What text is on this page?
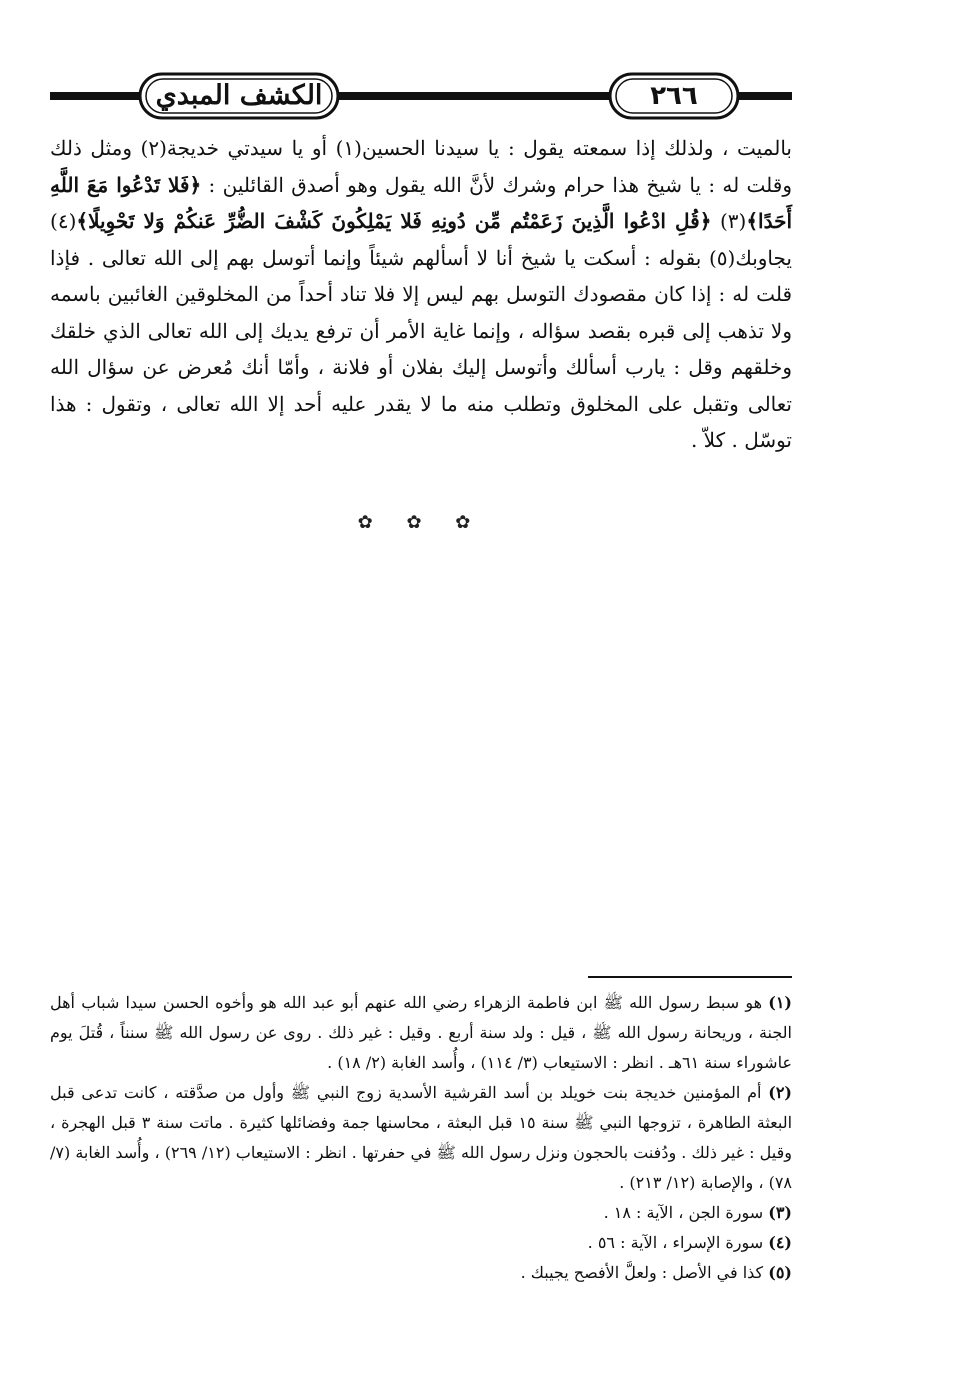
الكشف المبدي	٢٦٦

بالميت ، ولذلك إذا سمعته يقول : يا سيدنا الحسين(١) أو يا سيدتي خديجة(٢) ومثل ذلك وقلت له : يا شيخ هذا حرام وشرك لأنَّ الله يقول وهو أصدق القائلين : ﴿فَلا تَدْعُوا مَعَ اللَّهِ أَحَدًا﴾(٣) ﴿قُلِ ادْعُوا الَّذِينَ زَعَمْتُم مِّن دُونِهِ فَلا يَمْلِكُونَ كَشْفَ الضُّرِّ عَنكُمْ وَلا تَحْوِيلًا﴾(٤) يجاوبك(٥) بقوله : أسكت يا شيخ أنا لا أسألهم شيئاً وإنما أتوسل بهم إلى الله تعالى . فإذا قلت له : إذا كان مقصودك التوسل بهم ليس إلا فلا تناد أحداً من المخلوقين الغائبين باسمه ولا تذهب إلى قبره بقصد سؤاله ، وإنما غاية الأمر أن ترفع يديك إلى الله تعالى الذي خلقك وخلقهم وقل : يارب أسألك وأتوسل إليك بفلان أو فلانة ، وأمّا أنك مُعرض عن سؤال الله تعالى وتقبل على المخلوق وتطلب منه ما لا يقدر عليه أحد إلا الله تعالى ، وتقول : هذا توسّل . كلاّ .

✿ ✿ ✿

(١) هو سبط رسول الله ﷺ ابن فاطمة الزهراء رضي الله عنهم أبو عبد الله هو وأخوه الحسن سيدا شباب أهل الجنة ، وريحانة رسول الله ﷺ ، قيل : ولد سنة أربع . وقيل : غير ذلك . روى عن رسول الله ﷺ سنناً ، قُتلَ يوم عاشوراء سنة ٦١هـ . انظر : الاستيعاب (٣/ ١١٤) ، وأُسد الغابة (٢/ ١٨) .

(٢) أم المؤمنين خديجة بنت خويلد بن أسد القرشية الأسدية زوج النبي ﷺ وأول من صدَّقته ، كانت تدعى قبل البعثة الطاهرة ، تزوجها النبي ﷺ سنة ١٥ قبل البعثة ، محاسنها جمة وفضائلها كثيرة . ماتت سنة ٣ قبل الهجرة ، وقيل : غير ذلك . ودُفنت بالحجون ونزل رسول الله ﷺ في حفرتها . انظر : الاستيعاب (١٢/ ٢٦٩) ، وأُسد الغابة (٧/ ٧٨) ، والإصابة (١٢/ ٢١٣) .

(٣) سورة الجن ، الآية : ١٨ .

(٤) سورة الإسراء ، الآية : ٥٦ .

(٥) كذا في الأصل : ولعلَّ الأفصح يجيبك .
